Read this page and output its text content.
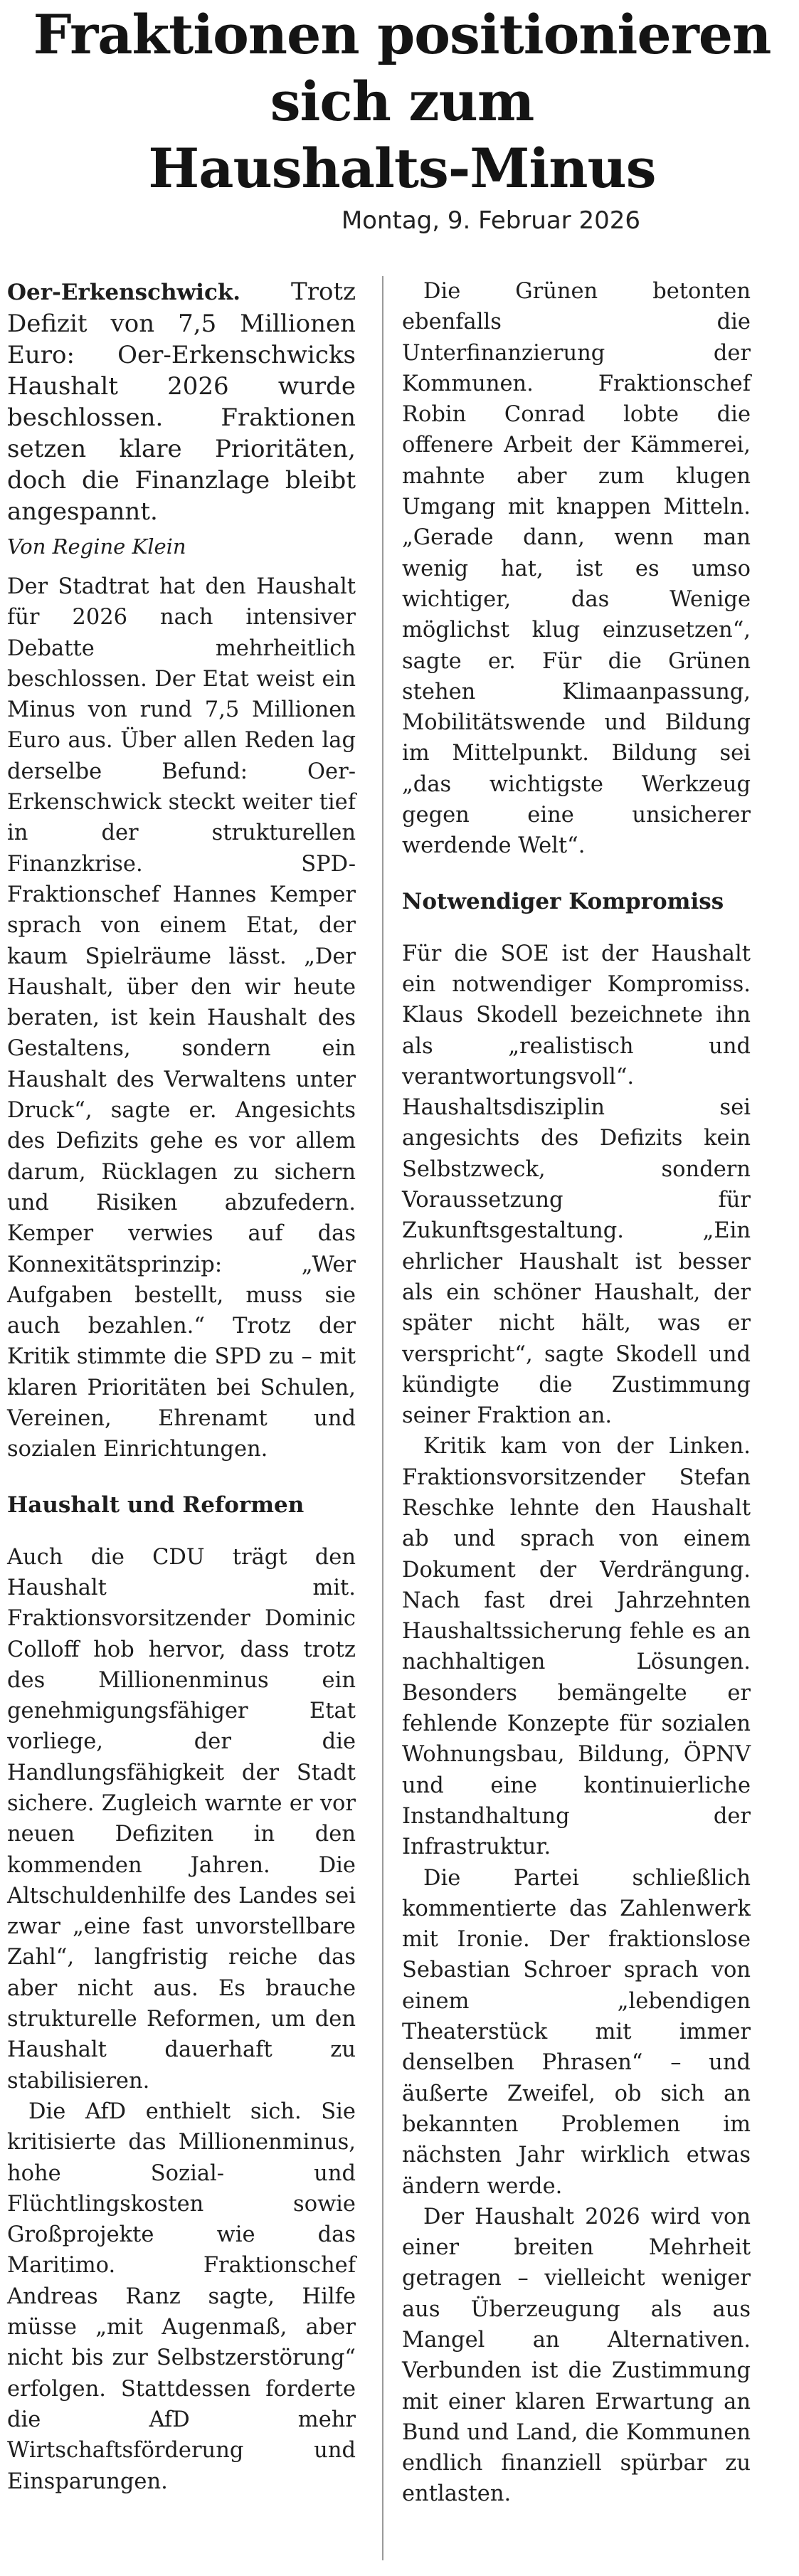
Fraktionen positionieren
sich zum
Haushalts-Minus
Montag, 9. Februar 2026
Oer-Erkenschwick. Trotz Defizit von 7,5 Millionen Euro: Oer-Erkenschwicks Haushalt 2026 wurde beschlossen. Fraktionen setzen klare Prioritäten, doch die Finanzlage bleibt angespannt.
Von Regine Klein

Der Stadtrat hat den Haushalt für 2026 nach intensiver Debatte mehrheitlich beschlossen. Der Etat weist ein Minus von rund 7,5 Millionen Euro aus. Über allen Reden lag derselbe Befund: Oer-Erkenschwick steckt weiter tief in der strukturellen Finanzkrise. SPD-Fraktionschef Hannes Kemper sprach von einem Etat, der kaum Spielräume lässt. „Der Haushalt, über den wir heute beraten, ist kein Haushalt des Gestaltens, sondern ein Haushalt des Verwaltens unter Druck“, sagte er. Angesichts des Defizits gehe es vor allem darum, Rücklagen zu sichern und Risiken abzufedern. Kemper verwies auf das Konnexitätsprinzip: „Wer Aufgaben bestellt, muss sie auch bezahlen.“ Trotz der Kritik stimmte die SPD zu – mit klaren Prioritäten bei Schulen, Vereinen, Ehrenamt und sozialen Einrichtungen.

Haushalt und Reformen

Auch die CDU trägt den Haushalt mit. Fraktionsvorsitzender Dominic Colloff hob hervor, dass trotz des Millionenminus ein genehmigungsfähiger Etat vorliege, der die Handlungsfähigkeit der Stadt sichere. Zugleich warnte er vor neuen Defiziten in den kommenden Jahren. Die Altschuldenhilfe des Landes sei zwar „eine fast unvorstellbare Zahl“, langfristig reiche das aber nicht aus. Es brauche strukturelle Reformen, um den Haushalt dauerhaft zu stabilisieren.

Die AfD enthielt sich. Sie kritisierte das Millionenminus, hohe Sozial- und Flüchtlingskosten sowie Großprojekte wie das Maritimo. Fraktionschef Andreas Ranz sagte, Hilfe müsse „mit Augenmaß, aber nicht bis zur Selbstzerstörung“ erfolgen. Stattdessen forderte die AfD mehr Wirtschaftsförderung und Einsparungen.

Die Grünen betonten ebenfalls die Unterfinanzierung der Kommunen. Fraktionschef Robin Conrad lobte die offenere Arbeit der Kämmerei, mahnte aber zum klugen Umgang mit knappen Mitteln. „Gerade dann, wenn man wenig hat, ist es umso wichtiger, das Wenige möglichst klug einzusetzen“, sagte er. Für die Grünen stehen Klimaanpassung, Mobilitätswende und Bildung im Mittelpunkt. Bildung sei „das wichtigste Werkzeug gegen eine unsicherer werdende Welt“.

Notwendiger Kompromiss

Für die SOE ist der Haushalt ein notwendiger Kompromiss. Klaus Skodell bezeichnete ihn als „realistisch und verantwortungsvoll“. Haushaltsdisziplin sei angesichts des Defizits kein Selbstzweck, sondern Voraussetzung für Zukunftsgestaltung. „Ein ehrlicher Haushalt ist besser als ein schöner Haushalt, der später nicht hält, was er verspricht“, sagte Skodell und kündigte die Zustimmung seiner Fraktion an.

Kritik kam von der Linken. Fraktionsvorsitzender Stefan Reschke lehnte den Haushalt ab und sprach von einem Dokument der Verdrängung. Nach fast drei Jahrzehnten Haushaltssicherung fehle es an nachhaltigen Lösungen. Besonders bemängelte er fehlende Konzepte für sozialen Wohnungsbau, Bildung, ÖPNV und eine kontinuierliche Instandhaltung der Infrastruktur.

Die Partei schließlich kommentierte das Zahlenwerk mit Ironie. Der fraktionslose Sebastian Schroer sprach von einem „lebendigen Theaterstück mit immer denselben Phrasen“ – und äußerte Zweifel, ob sich an bekannten Problemen im nächsten Jahr wirklich etwas ändern werde.

Der Haushalt 2026 wird von einer breiten Mehrheit getragen – vielleicht weniger aus Überzeugung als aus Mangel an Alternativen. Verbunden ist die Zustimmung mit einer klaren Erwartung an Bund und Land, die Kommunen endlich finanziell spürbar zu entlasten.
